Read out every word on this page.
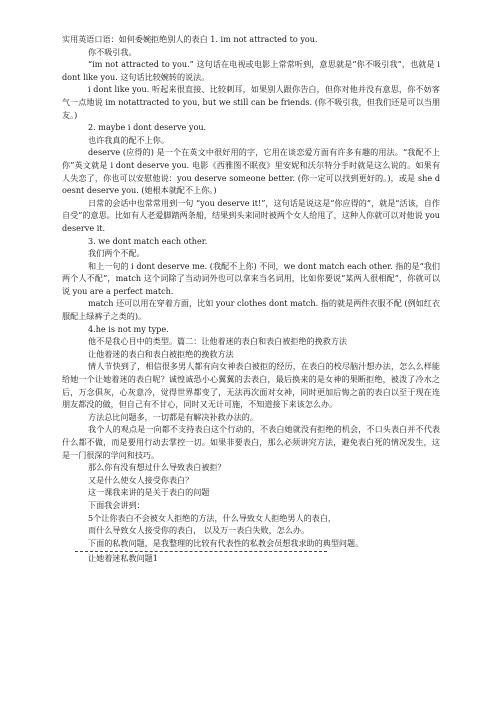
实用英语口语：如何委婉拒绝别人的表白 1. im not attracted to you.

你不吸引我。

“im not attracted to you.” 这句话在电视或电影上常常听到，意思就是“你不吸引我”，也就是 i dont like you. 这句话比较婉转的说法。

i dont like you. 听起来很直接、比较刺耳，如果别人跟你告白，但你对他并没有意思，你不妨客气一点地说 im notattracted to you, but we still can be friends. (你不吸引我，但我们还是可以当朋友。)

2. maybe i dont deserve you.

也许我真的配不上你。

deserve (应得的) 是一个在英文中很好用的字，它用在谈恋爱方面有许多有趣的用法。“我配不上你”英文就是 i dont deserve you. 电影《西雅图不眠夜》里安妮和沃尔特分手时就是这么说的。如果有人失恋了，你也可以安慰他说：you deserve someone better. (你一定可以找到更好的。)，或是 she doesnt deserve you. (她根本就配不上你。)

日常的会话中也常常用到一句 “you deserve it!”，这句话是说这是“你应得的”，就是“活该，自作自受”的意思。比如有人老爱脚踏两条船，结果到头来同时被两个女人给甩了，这种人你就可以对他说 you deserve it.

3. we dont match each other.

我们两个不配。

和上一句的 i dont deserve me. (我配不上你) 不同，we dont match each other. 指的是“我们两个人不配”，match 这个词除了当动词外也可以拿来当名词用，比如你要说“某两人很相配”，你就可以说 you are a perfect match.

match 还可以用在穿着方面，比如 your clothes dont match. 指的就是两件衣服不配 (例如红衣服配上绿裤子之类的)。

4.he is not my type.

他不是我心目中的类型。篇二：让他着迷的表白和表白被拒绝的挽救方法

让他着迷的表白和表白被拒绝的挽救方法

情人节快到了，相信很多男人都有向女神表白被拒的经历，在表白的校尽脑汁想办法，怎么么样能给她一个让她着迷的表白呢？诚惶诚恐小心翼翼的去表白，最后换来的是女神的果断拒绝，被泼了冷水之后，万念俱灰，心灰意冷，觉得世界都变了，无法再次面对女神，同时更加后悔之前的表白以至于现在连朋友都没的做，但自己有不甘心，同时又无计可施，不知道接下来该怎么办。

方法总比问题多，一切都是有解决补救办法的。

我个人的观点是一向都不支持表白这个行动的，不表白她就没有拒绝的机会，不口头表白并不代表什么都不做，而是要用行动去掌控一切。如果非要表白，那么必须讲究方法，避免表白死的情况发生，这是一门很深的学问和技巧。

那么你有没有想过什么导致表白被拒？

又是什么使女人接受你表白？

这一课我来讲的是关于表白的问题

下面我会讲到：

5个让你表白不会被女人拒绝的方法，什么导致女人拒绝男人的表白，

而什么导致女人接受你的表白， 以及万一表白失败，怎么办。

下面的私教问题，是我整理的比较有代表性的私教会员想我求助的典型问题。

让她着迷私教问题1
